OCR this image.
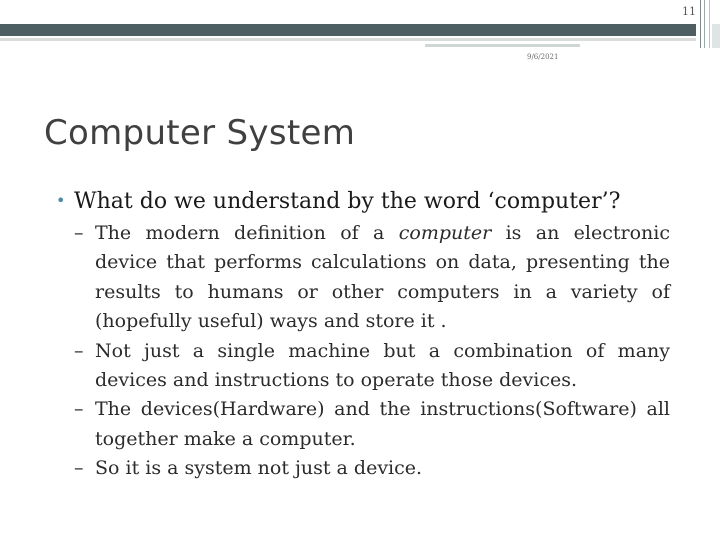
11
9/6/2021
Computer System
• What do we understand by the word ‘computer’?
– The modern definition of a computer is an electronic device that performs calculations on data, presenting the results to humans or other computers in a variety of (hopefully useful) ways and store it .
– Not just a single machine but a combination of many devices and instructions to operate those devices.
– The devices(Hardware) and the instructions(Software) all together make a computer.
– So it is a system not just a device.
